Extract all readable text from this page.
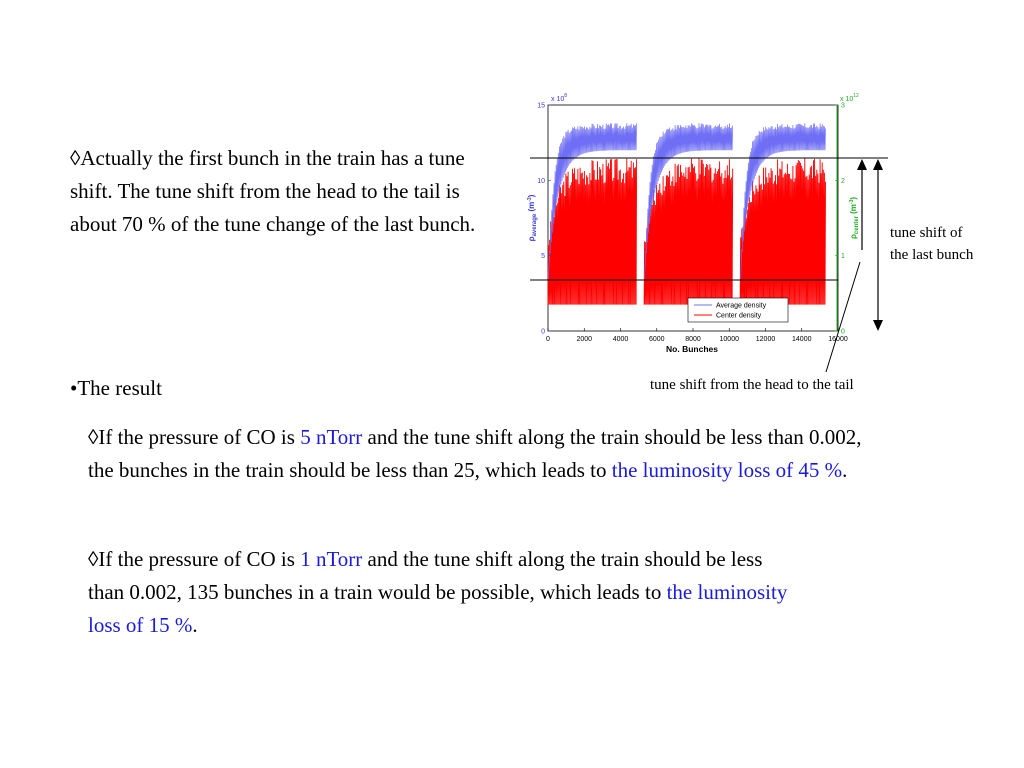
0	2000	4000	6000	8000	10000 12000 14000 16000
0
5
10
15
0
1
2
3
No. Bunches
x $10^8$	x $10^{12}$
$\rho_{average}$ $(m^{-3})$
$\rho_{center}$ $(m^{-3})$
Average density
Center density
◊Actually the first bunch in the train has a tune shift. The tune shift from the head to the tail is about 70 % of the tune change of the last bunch.
•The result
◊If the pressure of CO is 5 nTorr and the tune shift along the train should be less than 0.002, the bunches in the train should be less than 25, which leads to the luminosity loss of 45 %.
◊If the pressure of CO is 1 nTorr and the tune shift along the train should be less than 0.002, 135 bunches in a train would be possible, which leads to the luminosity loss of 15 %.
tune shift of
the last bunch
tune shift from the head to the tail
